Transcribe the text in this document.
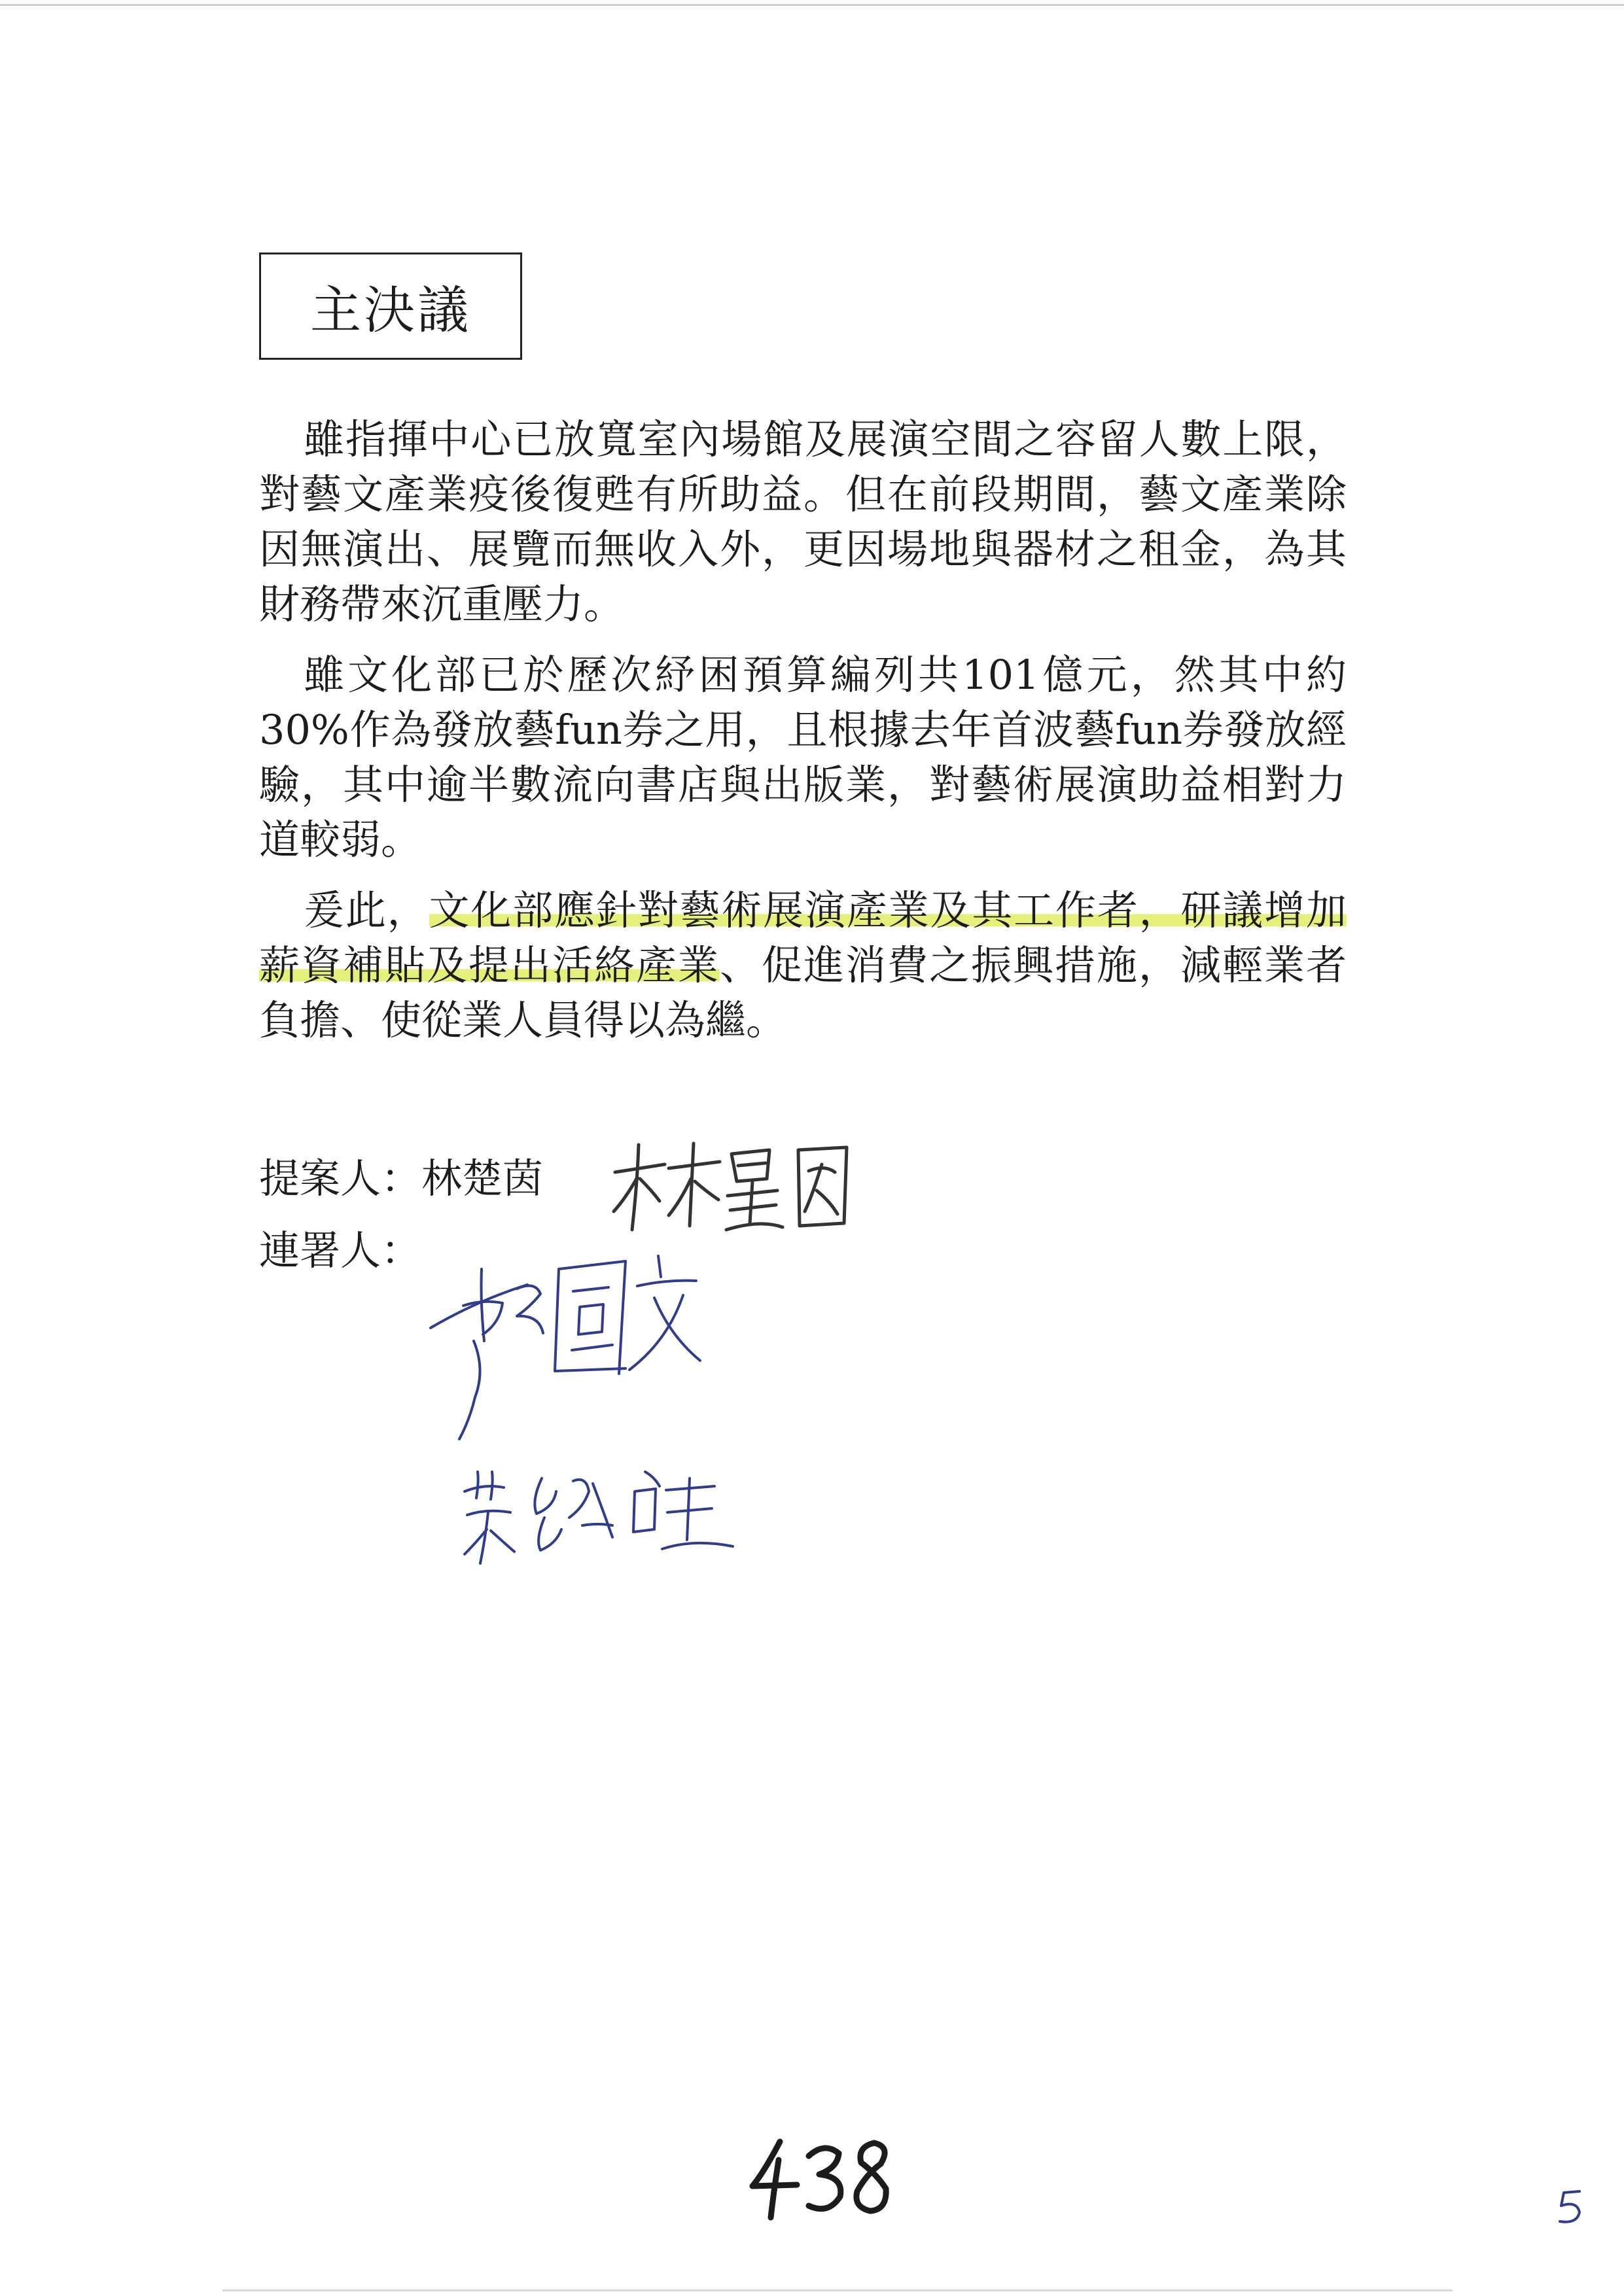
主決議

雖指揮中心已放寬室內場館及展演空間之容留人數上限，對藝文產業疫後復甦有所助益。但在前段期間，藝文產業除因無演出、展覽而無收入外，更因場地與器材之租金，為其財務帶來沉重壓力。

雖文化部已於歷次紓困預算編列共101億元，然其中約30%作為發放藝fun券之用，且根據去年首波藝fun券發放經驗，其中逾半數流向書店與出版業，對藝術展演助益相對力道較弱。

爰此，文化部應針對藝術展演產業及其工作者，研議增加薪資補貼及提出活絡產業、促進消費之振興措施，減輕業者負擔、使從業人員得以為繼。

提案人：林楚茵
連署人：
